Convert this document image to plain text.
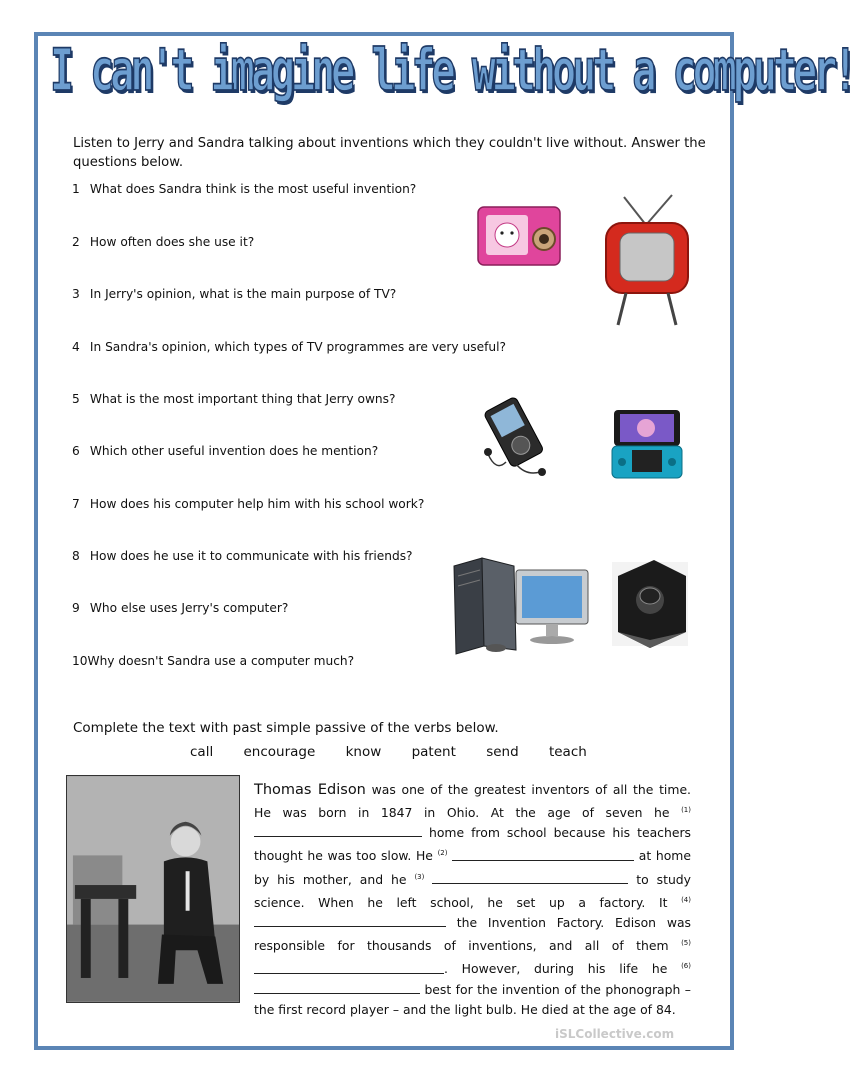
I can't imagine life without a computer!
Listen to Jerry and Sandra talking about inventions which they couldn't live without. Answer the questions below.
1 What does Sandra think is the most useful invention?
2 How often does she use it?
3 In Jerry's opinion, what is the main purpose of TV?
4 In Sandra's opinion, which types of TV programmes are very useful?
5 What is the most important thing that Jerry owns?
6 Which other useful invention does he mention?
7 How does his computer help him with his school work?
8 How does he use it to communicate with his friends?
9 Who else uses Jerry's computer?
10Why doesn't Sandra use a computer much?
Complete the text with past simple passive of the verbs below.
call encourage know patent send teach
Thomas Edison was one of the greatest inventors of all the time. He was born in 1847 in Ohio. At the age of seven he $^{(1)}$  home from school because his teachers thought he was too slow. He $^{(2)}$	at home by his mother, and he $^{(3)}$	to study science. When he left school, he set up a factory. It $^{(4)}$  the Invention Factory. Edison was responsible for thousands of inventions, and all of them $^{(5)}$ . However, during his life he $^{(6)}$  best for the invention of the phonograph –the first record player – and the light bulb. He died at the age of 84.
iSLCollective.com
